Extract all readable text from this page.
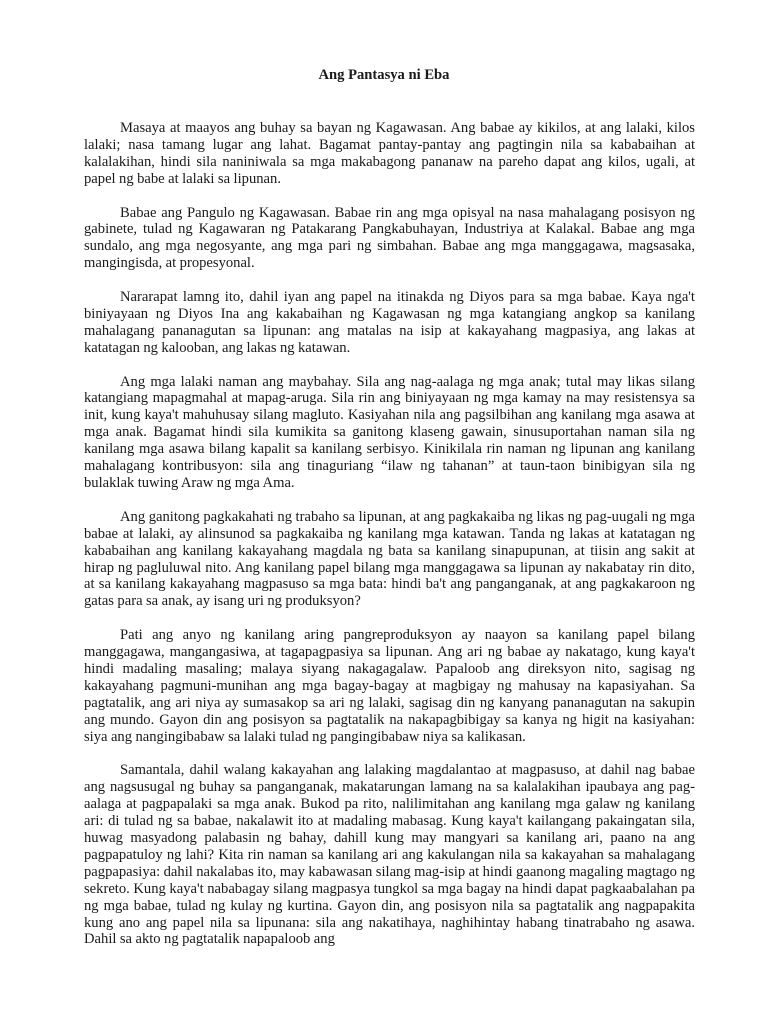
Ang Pantasya ni Eba

Masaya at maayos ang buhay sa bayan ng Kagawasan. Ang babae ay kikilos, at ang lalaki, kilos lalaki; nasa tamang lugar ang lahat. Bagamat pantay-pantay ang pagtingin nila sa kababaihan at kalalakihan, hindi sila naniniwala sa mga makabagong pananaw na pareho dapat ang kilos, ugali, at papel ng babe at lalaki sa lipunan.

Babae ang Pangulo ng Kagawasan. Babae rin ang mga opisyal na nasa mahalagang posisyon ng gabinete, tulad ng Kagawaran ng Patakarang Pangkabuhayan, Industriya at Kalakal. Babae ang mga sundalo, ang mga negosyante, ang mga pari ng simbahan. Babae ang mga manggagawa, magsasaka, mangingisda, at propesyonal.

Nararapat lamng ito, dahil iyan ang papel na itinakda ng Diyos para sa mga babae. Kaya nga't biniyayaan ng Diyos Ina ang kakabaihan ng Kagawasan ng mga katangiang angkop sa kanilang mahalagang pananagutan sa lipunan: ang matalas na isip at kakayahang magpasiya, ang lakas at katatagan ng kalooban, ang lakas ng katawan.

Ang mga lalaki naman ang maybahay. Sila ang nag-aalaga ng mga anak; tutal may likas silang katangiang mapagmahal at mapag-aruga. Sila rin ang biniyayaan ng mga kamay na may resistensya sa init, kung kaya't mahuhusay silang magluto. Kasiyahan nila ang pagsilbihan ang kanilang mga asawa at mga anak. Bagamat hindi sila kumikita sa ganitong klaseng gawain, sinusuportahan naman sila ng kanilang mga asawa bilang kapalit sa kanilang serbisyo. Kinikilala rin naman ng lipunan ang kanilang mahalagang kontribusyon: sila ang tinaguriang “ilaw ng tahanan” at taun-taon binibigyan sila ng bulaklak tuwing Araw ng mga Ama.

Ang ganitong pagkakahati ng trabaho sa lipunan, at ang pagkakaiba ng likas ng pag-uugali ng mga babae at lalaki, ay alinsunod sa pagkakaiba ng kanilang mga katawan. Tanda ng lakas at katatagan ng kababaihan ang kanilang kakayahang magdala ng bata sa kanilang sinapupunan, at tiisin ang sakit at hirap ng pagluluwal nito. Ang kanilang papel bilang mga manggagawa sa lipunan ay nakabatay rin dito, at sa kanilang kakayahang magpasuso sa mga bata: hindi ba't ang panganganak, at ang pagkakaroon ng gatas para sa anak, ay isang uri ng produksyon?

Pati ang anyo ng kanilang aring pangreproduksyon ay naayon sa kanilang papel bilang manggagawa, mangangasiwa, at tagapagpasiya sa lipunan. Ang ari ng babae ay nakatago, kung kaya't hindi madaling masaling; malaya siyang nakagagalaw. Papaloob ang direksyon nito, sagisag ng kakayahang pagmuni-munihan ang mga bagay-bagay at magbigay ng mahusay na kapasiyahan. Sa pagtatalik, ang ari niya ay sumasakop sa ari ng lalaki, sagisag din ng kanyang pananagutan na sakupin ang mundo. Gayon din ang posisyon sa pagtatalik na nakapagbibigay sa kanya ng higit na kasiyahan: siya ang nangingibabaw sa lalaki tulad ng pangingibabaw niya sa kalikasan.

Samantala, dahil walang kakayahan ang lalaking magdalantao at magpasuso, at dahil nag babae ang nagsusugal ng buhay sa panganganak, makatarungan lamang na sa kalalakihan ipaubaya ang pag-aalaga at pagpapalaki sa mga anak. Bukod pa rito, nalilimitahan ang kanilang mga galaw ng kanilang ari: di tulad ng sa babae, nakalawit ito at madaling mabasag. Kung kaya't kailangang pakaingatan sila, huwag masyadong palabasin ng bahay, dahill kung may mangyari sa kanilang ari, paano na ang pagpapatuloy ng lahi? Kita rin naman sa kanilang ari ang kakulangan nila sa kakayahan sa mahalagang pagpapasiya: dahil nakalabas ito, may kabawasan silang mag-isip at hindi gaanong magaling magtago ng sekreto. Kung kaya't nababagay silang magpasya tungkol sa mga bagay na hindi dapat pagkaabalahan pa ng mga babae, tulad ng kulay ng kurtina. Gayon din, ang posisyon nila sa pagtatalik ang nagpapakita kung ano ang papel nila sa lipunana: sila ang nakatihaya, naghihintay habang tinatrabaho ng asawa. Dahil sa akto ng pagtatalik napapaloob ang
